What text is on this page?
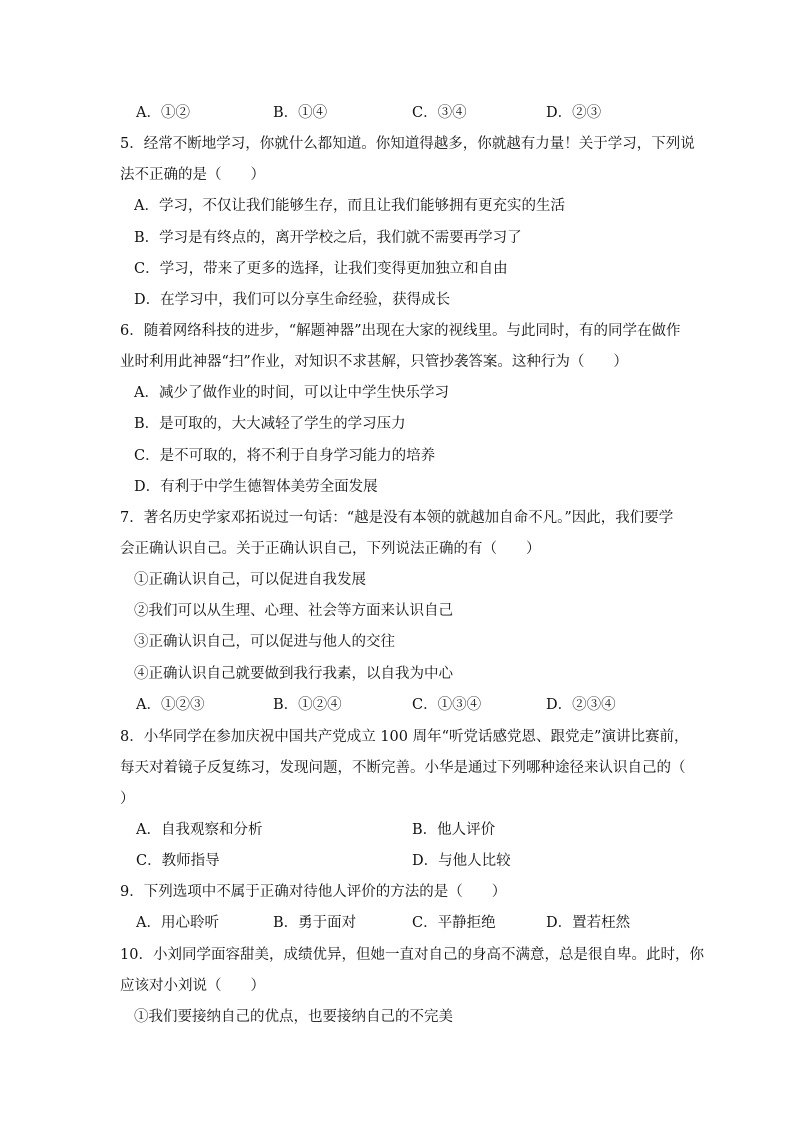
A．①②	B．①④	C．③④	D．②③
5．经常不断地学习，你就什么都知道。你知道得越多，你就越有力量！关于学习，下列说
法不正确的是（　　）
A．学习，不仅让我们能够生存，而且让我们能够拥有更充实的生活
B．学习是有终点的，离开学校之后，我们就不需要再学习了
C．学习，带来了更多的选择，让我们变得更加独立和自由
D．在学习中，我们可以分享生命经验，获得成长
6．随着网络科技的进步，“解题神器”出现在大家的视线里。与此同时，有的同学在做作
业时利用此神器“扫”作业，对知识不求甚解，只管抄袭答案。这种行为（　　）
A．减少了做作业的时间，可以让中学生快乐学习
B．是可取的，大大减轻了学生的学习压力
C．是不可取的，将不利于自身学习能力的培养
D．有利于中学生德智体美劳全面发展
7．著名历史学家邓拓说过一句话：“越是没有本领的就越加自命不凡。”因此，我们要学
会正确认识自己。关于正确认识自己，下列说法正确的有（　　）
①正确认识自己，可以促进自我发展
②我们可以从生理、心理、社会等方面来认识自己
③正确认识自己，可以促进与他人的交往
④正确认识自己就要做到我行我素，以自我为中心
A．①②③	B．①②④	C．①③④	D．②③④
8．小华同学在参加庆祝中国共产党成立 100 周年“听党话感党恩、跟党走”演讲比赛前，
每天对着镜子反复练习，发现问题，不断完善。小华是通过下列哪种途径来认识自己的（
）
A．自我观察和分析	B．他人评价
C．教师指导	D．与他人比较
9．下列选项中不属于正确对待他人评价的方法的是（　　）
A．用心聆听	B．勇于面对	C．平静拒绝	D．置若枉然
10．小刘同学面容甜美，成绩优异，但她一直对自己的身高不满意，总是很自卑。此时，你
应该对小刘说（　　）
①我们要接纳自己的优点，也要接纳自己的不完美
